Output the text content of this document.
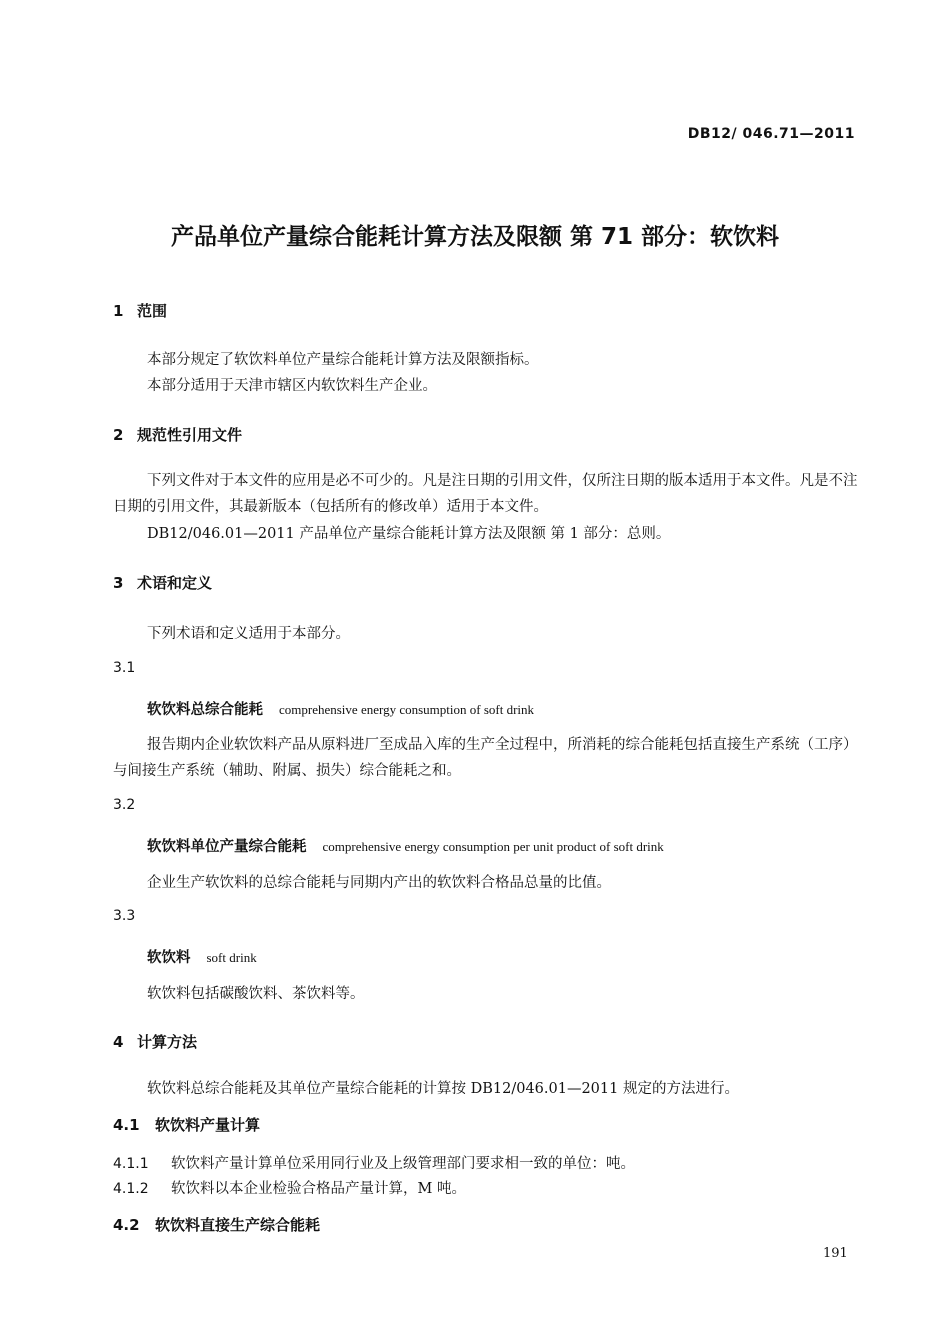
DB12/ 046.71—2011
产品单位产量综合能耗计算方法及限额 第 71 部分：软饮料
1 范围
本部分规定了软饮料单位产量综合能耗计算方法及限额指标。
本部分适用于天津市辖区内软饮料生产企业。
2 规范性引用文件
下列文件对于本文件的应用是必不可少的。凡是注日期的引用文件，仅所注日期的版本适用于本文件。凡是不注日期的引用文件，其最新版本（包括所有的修改单）适用于本文件。
DB12/046.01—2011 产品单位产量综合能耗计算方法及限额 第 1 部分：总则。
3 术语和定义
下列术语和定义适用于本部分。
3.1
软饮料总综合能耗 comprehensive energy consumption of soft drink
报告期内企业软饮料产品从原料进厂至成品入库的生产全过程中，所消耗的综合能耗包括直接生产系统（工序）与间接生产系统（辅助、附属、损失）综合能耗之和。
3.2
软饮料单位产量综合能耗 comprehensive energy consumption per unit product of soft drink
企业生产软饮料的总综合能耗与同期内产出的软饮料合格品总量的比值。
3.3
软饮料 soft drink
软饮料包括碳酸饮料、茶饮料等。
4 计算方法
软饮料总综合能耗及其单位产量综合能耗的计算按 DB12/046.01—2011 规定的方法进行。
4.1 软饮料产量计算
4.1.1 软饮料产量计算单位采用同行业及上级管理部门要求相一致的单位：吨。
4.1.2 软饮料以本企业检验合格品产量计算，M 吨。
4.2 软饮料直接生产综合能耗
191
